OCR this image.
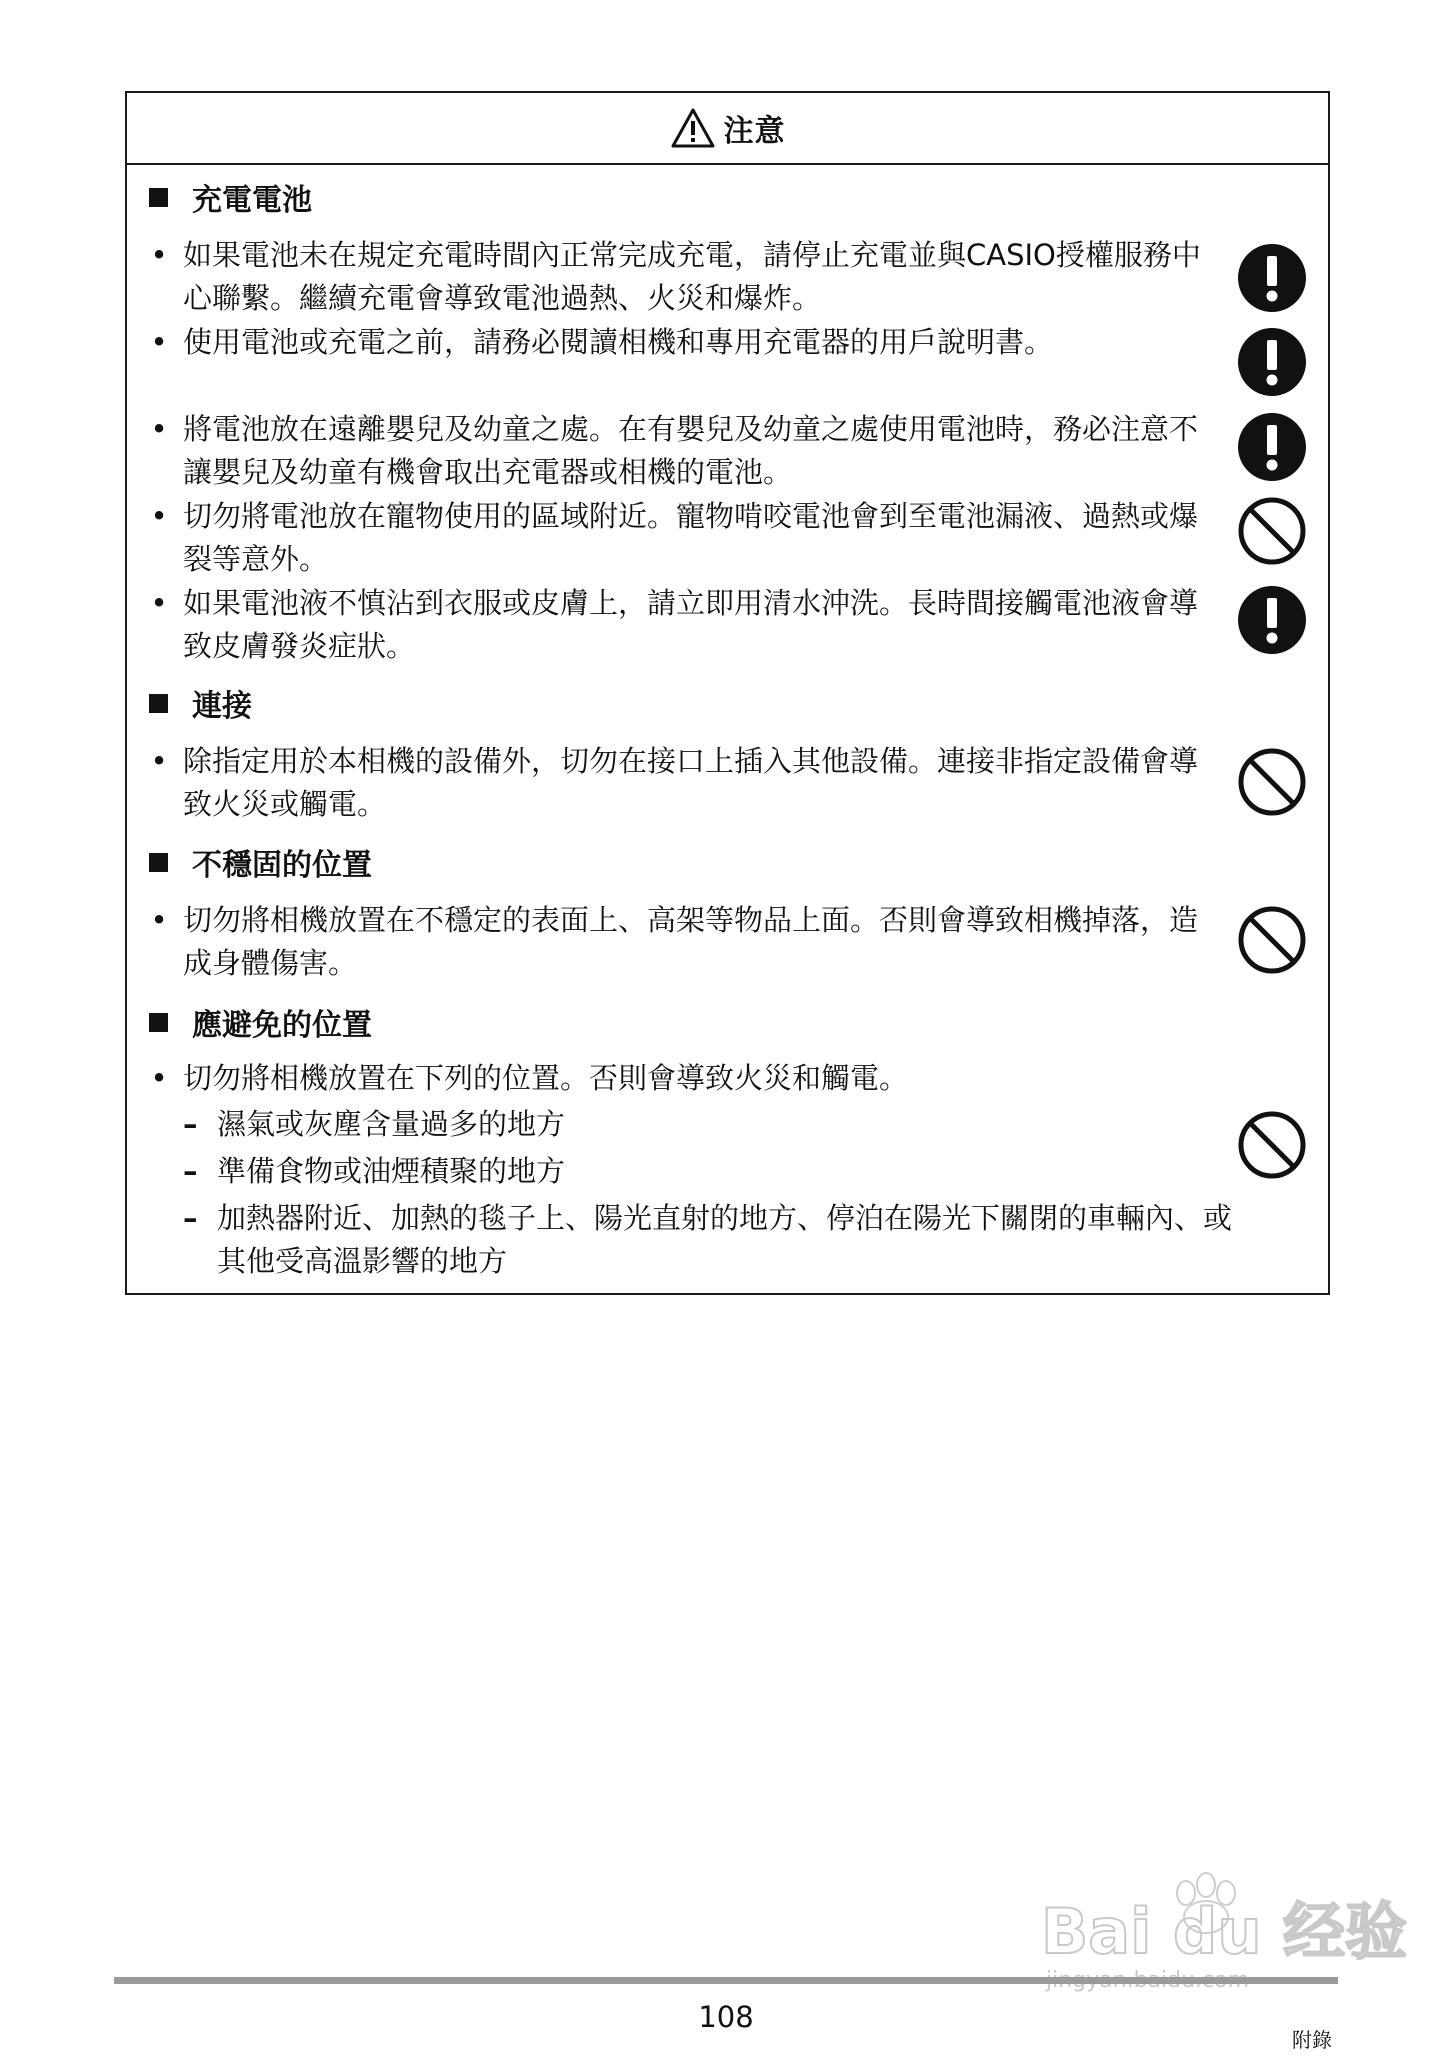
注意
充電電池
• 如果電池未在規定充電時間內正常完成充電，請停止充電並與CASIO授權服務中心聯繫。繼續充電會導致電池過熱、火災和爆炸。
• 使用電池或充電之前，請務必閱讀相機和專用充電器的用戶說明書。
• 將電池放在遠離嬰兒及幼童之處。在有嬰兒及幼童之處使用電池時，務必注意不讓嬰兒及幼童有機會取出充電器或相機的電池。
• 切勿將電池放在寵物使用的區域附近。寵物啃咬電池會到至電池漏液、過熱或爆裂等意外。
• 如果電池液不慎沾到衣服或皮膚上，請立即用清水沖洗。長時間接觸電池液會導致皮膚發炎症狀。
連接
• 除指定用於本相機的設備外，切勿在接口上插入其他設備。連接非指定設備會導致火災或觸電。
不穩固的位置
• 切勿將相機放置在不穩定的表面上、高架等物品上面。否則會導致相機掉落，造成身體傷害。
應避免的位置
• 切勿將相機放置在下列的位置。否則會導致火災和觸電。
– 濕氣或灰塵含量過多的地方
– 準備食物或油煙積聚的地方
– 加熱器附近、加熱的毯子上、陽光直射的地方、停泊在陽光下關閉的車輛內、或其他受高溫影響的地方
Bai du 经验
108
附錄
